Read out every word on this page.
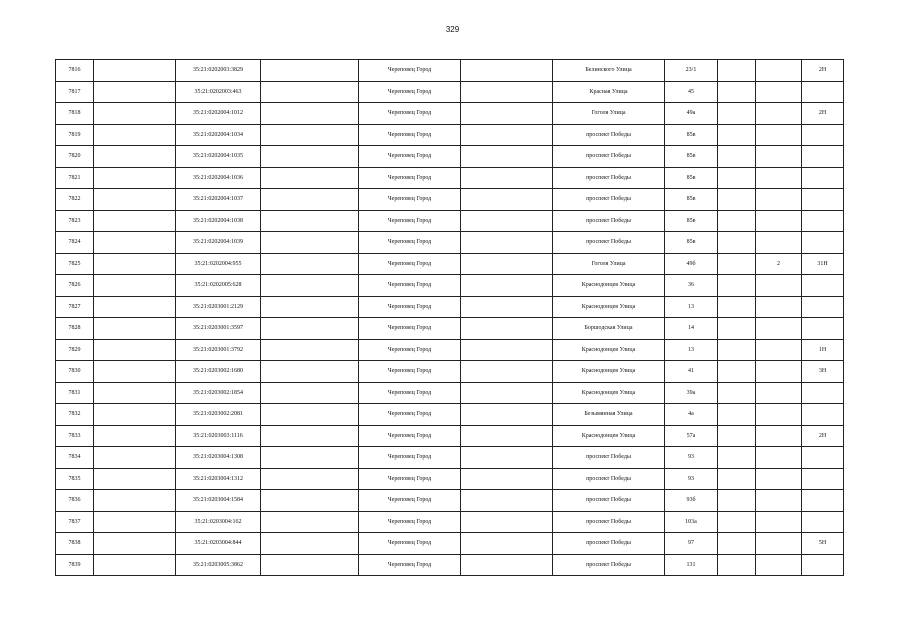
329
7816		35:21:0202003:3829		Череповец Город		Белинского Улица	23/1			2Н
7817		35:21:0202003:463		Череповец Город		Красная Улица	45			
7818		35:21:0202004:1012		Череповец Город		Гоголя Улица	49а			2Н
7819		35:21:0202004:1034		Череповец Город		проспект Победы	85в			
7820		35:21:0202004:1035		Череповец Город		проспект Победы	85в			
7821		35:21:0202004:1036		Череповец Город		проспект Победы	85в			
7822		35:21:0202004:1037		Череповец Город		проспект Победы	85в			
7823		35:21:0202004:1038		Череповец Город		проспект Победы	85в			
7824		35:21:0202004:1039		Череповец Город		проспект Победы	85в			
7825		35:21:0202004:955		Череповец Город		Гоголя Улица	49б		2	31Н
7826		35:21:0202005:628		Череповец Город		Краснодонцев Улица	36			
7827		35:21:0203001:2129		Череповец Город		Краснодонцев Улица	13			
7828		35:21:0203001:3597		Череповец Город		Боршодская Улица	14			
7829		35:21:0203001:3792		Череповец Город		Краснодонцев Улица	13			1Н
7830		35:21:0203002:1680		Череповец Город		Краснодонцев Улица	41			3Н
7831		35:21:0203002:1854		Череповец Город		Краснодонцев Улица	39а			
7832		35:21:0203002:2081		Череповец Город		Безымянная Улица	4а			
7833		35:21:0203003:1116		Череповец Город		Краснодонцев Улица	57а			2Н
7834		35:21:0203004:1308		Череповец Город		проспект Победы	93			
7835		35:21:0203004:1312		Череповец Город		проспект Победы	93			
7836		35:21:0203004:1584		Череповец Город		проспект Победы	93б			
7837		35:21:0203004:162		Череповец Город		проспект Победы	103а			
7838		35:21:0203004:844		Череповец Город		проспект Победы	97			5Н
7839		35:21:0203005:3862		Череповец Город		проспект Победы	131			
